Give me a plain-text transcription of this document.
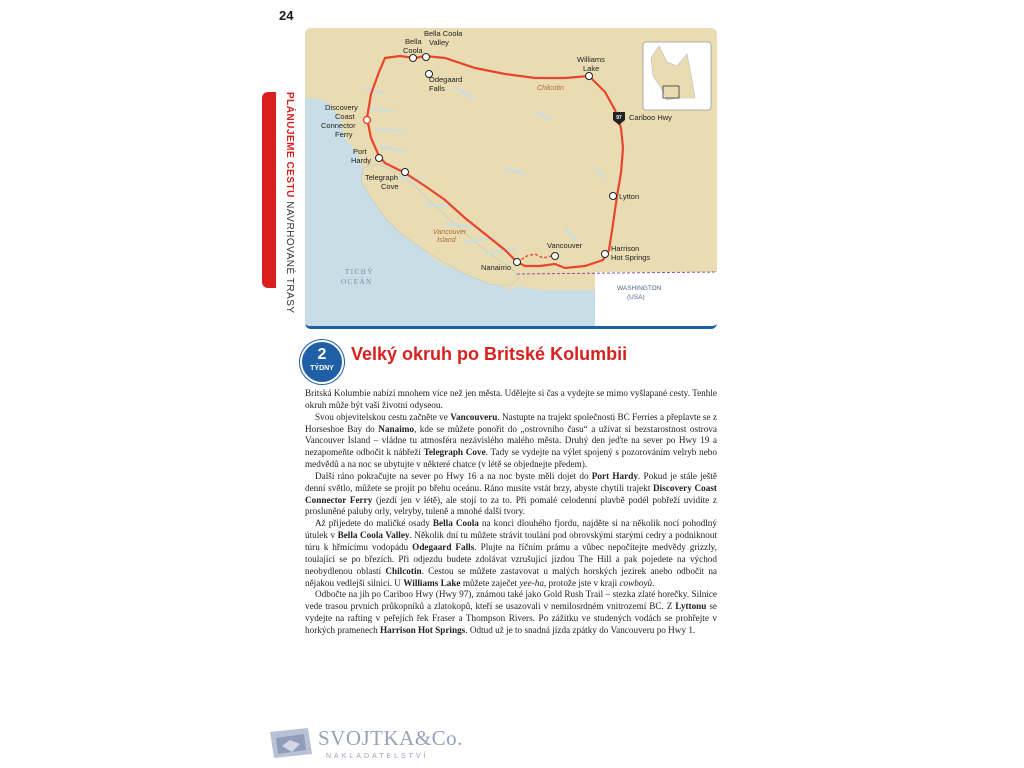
24
PLÁNUJEME CESTU NAVRHOVANÉ TRASY
97
Bella
Coola
Bella Coola
Valley
Odegaard
Falls
Williams
Lake
Chilcotin
Discovery
Coast
Connector
Ferry
Cariboo Hwy
Port
Hardy
Telegraph
Cove
Lytton
Vancouver
Island
Vancouver	Harrison
Hot Springs
Nanaimo
TICHÝ
OCEÁN
WASHINGTON
(USA)
2
TÝDNY
Velký okruh po Britské Kolumbii

Britská Kolumbie nabízí mnohem více než jen města. Udělejte si čas a vydejte se mimo vyšlapané cesty. Tenhle okruh může být vaší životní odyseou.

Svou objevitelskou cestu začněte ve Vancouveru. Nastupte na trajekt společnosti BC Ferries a přeplavte se z Horseshoe Bay do Nanaimo, kde se můžete ponořit do „ostrovního času“ a užívat si bezstarostnost ostrova Vancouver Island – vládne tu atmosféra nezávislého malého města. Druhý den jeďte na sever po Hwy 19 a nezapomeňte odbočit k nábřeží Telegraph Cove. Tady se vydejte na výlet spojený s pozorováním velryb nebo medvědů a na noc se ubytujte v některé chatce (v létě se objednejte předem).

Další ráno pokračujte na sever po Hwy 16 a na noc byste měli dojet do Port Hardy. Pokud je stále ještě denní světlo, můžete se projít po břehu oceánu. Ráno musíte vstát brzy, abyste chytili trajekt Discovery Coast Connector Ferry (jezdí jen v létě), ale stojí to za to. Při pomalé celodenní plavbě podél pobřeží uvidíte z prosluněné paluby orly, velryby, tuleně a mnohé další tvory.

Až přijedete do maličké osady Bella Coola na konci dlouhého fjordu, najděte si na několik nocí pohodlný útulek v Bella Coola Valley. Několik dní tu můžete strávit toulání pod obrovskými starými cedry a podniknout túru k hřmícímu vodopádu Odegaard Falls. Plujte na říčním prámu a vůbec nepočítejte medvědy grizzly, toulající se po březích. Při odjezdu budete zdolávat vzrušující jízdou The Hill a pak pojedete na východ neobydlenou oblastí Chilcotin. Cestou se můžete zastavovat u malých horských jezírek anebo odbočit na nějakou vedlejší silnici. U Williams Lake můžete zaječet yee-ha, protože jste v kraji cowboyů.

Odbočte na jih po Cariboo Hwy (Hwy 97), známou také jako Gold Rush Trail – stezka zlaté horečky. Silnice vede trasou prvních průkopníků a zlatokopů, kteří se usazovali v nemilosrdném vnitrozemí BC. Z Lyttonu se vydejte na rafting v peřejích řek Fraser a Thompson Rivers. Po zážitku ve studených vodách se prohřejte v horkých pramenech Harrison Hot Springs. Odtud už je to snadná jízda zpátky do Vancouveru po Hwy 1.

SVOJTKA&Co.
NAKLADATELSTVÍ
